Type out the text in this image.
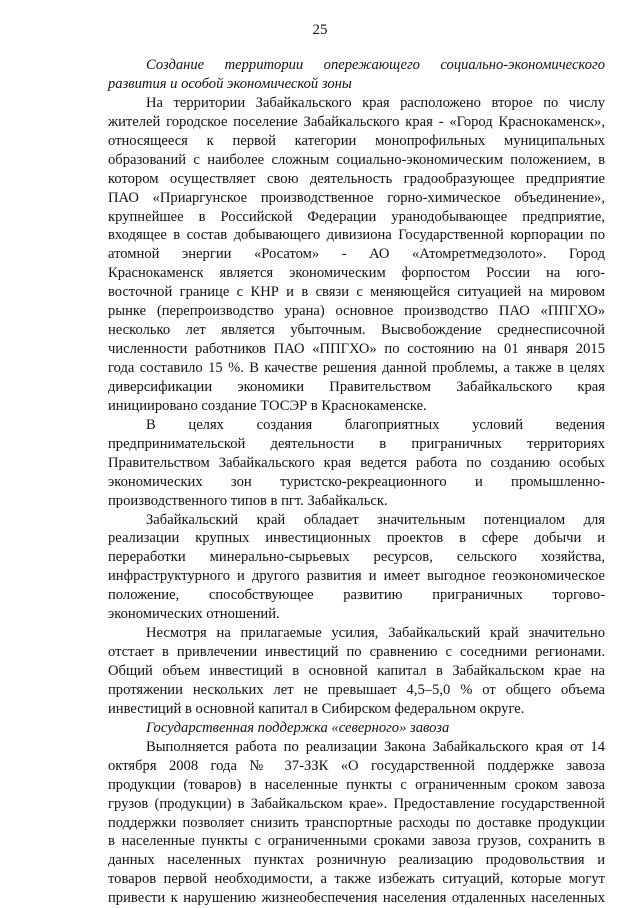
25
Создание территории опережающего социально-экономического
развития и особой экономической зоны
На территории Забайкальского края расположено второе по числу
жителей городское поселение Забайкальского края - «Город Краснокаменск»,
относящееся к первой категории монопрофильных муниципальных
образований с наиболее сложным социально-экономическим положением, в
котором осуществляет свою деятельность градообразующее предприятие
ПАО «Приаргунское производственное горно-химическое объединение»,
крупнейшее в Российской Федерации уранодобывающее предприятие,
входящее в состав добывающего дивизиона Государственной корпорации по
атомной энергии «Росатом» - АО «Атомретмедзолото». Город
Краснокаменск является экономическим форпостом России на юго-
восточной границе с КНР и в связи с меняющейся ситуацией на мировом
рынке (перепроизводство урана) основное производство ПАО «ППГХО»
несколько лет является убыточным. Высвобождение среднесписочной
численности работников ПАО «ППГХО» по состоянию на 01 января 2015
года составило 15 %. В качестве решения данной проблемы, а также в целях
диверсификации экономики Правительством Забайкальского края
инициировано создание ТОСЭР в Краснокаменске.
В целях создания благоприятных условий ведения
предпринимательской деятельности в приграничных территориях
Правительством Забайкальского края ведется работа по созданию особых
экономических зон туристско-рекреационного и промышленно-
производственного типов в пгт. Забайкальск.
Забайкальский край обладает значительным потенциалом для
реализации крупных инвестиционных проектов в сфере добычи и
переработки минерально-сырьевых ресурсов, сельского хозяйства,
инфраструктурного и другого развития и имеет выгодное геоэкономическое
положение, способствующее развитию приграничных торгово-
экономических отношений.
Несмотря на прилагаемые усилия, Забайкальский край значительно
отстает в привлечении инвестиций по сравнению с соседними регионами.
Общий объем инвестиций в основной капитал в Забайкальском крае на
протяжении нескольких лет не превышает 4,5–5,0 % от общего объема
инвестиций в основной капитал в Сибирском федеральном округе.
Государственная поддержка «северного» завоза
Выполняется работа по реализации Закона Забайкальского края от 14
октября 2008 года № 37-ЗЗК «О государственной поддержке завоза
продукции (товаров) в населенные пункты с ограниченным сроком завоза
грузов (продукции) в Забайкальском крае». Предоставление государственной
поддержки позволяет снизить транспортные расходы по доставке продукции
в населенные пункты с ограниченными сроками завоза грузов, сохранить в
данных населенных пунктах розничную реализацию продовольствия и
товаров первой необходимости, а также избежать ситуаций, которые могут
привести к нарушению жизнеобеспечения населения отдаленных населенных
